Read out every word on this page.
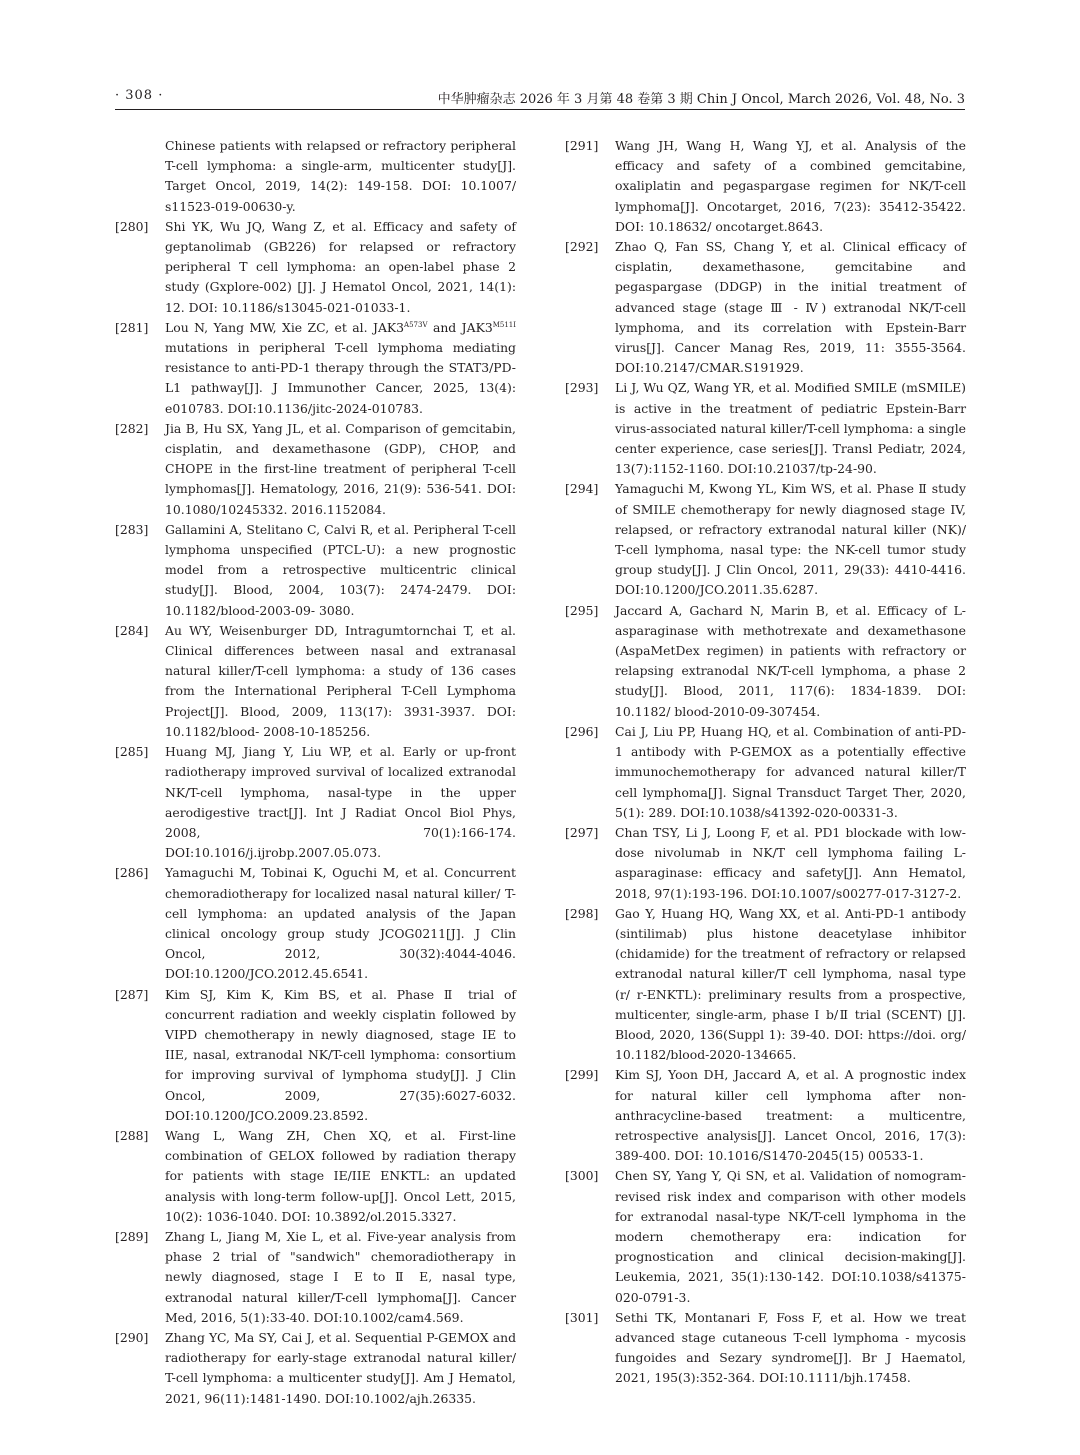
· 308 ·	中华肿瘤杂志 2026 年 3 月第 48 卷第 3 期 Chin J Oncol, March 2026, Vol. 48, No. 3
Chinese patients with relapsed or refractory peripheral T-cell lymphoma: a single-arm, multicenter study[J]. Target Oncol, 2019, 14(2): 149-158. DOI: 10.1007/ s11523-019-00630-y.
[280]	Shi YK, Wu JQ, Wang Z, et al. Efficacy and safety of geptanolimab (GB226) for relapsed or refractory peripheral T cell lymphoma: an open-label phase 2 study (Gxplore-002) [J]. J Hematol Oncol, 2021, 14(1): 12. DOI: 10.1186/s13045-021-01033-1.
[281]	Lou N, Yang MW, Xie ZC, et al. $JAK3^{A573V}$ and $JAK3^{M511I}$ mutations in peripheral T-cell lymphoma mediating resistance to anti-PD-1 therapy through the STAT3/PD-L1 pathway[J]. J Immunother Cancer, 2025, 13(4): e010783. DOI:10.1136/jitc-2024-010783.
[282]	Jia B, Hu SX, Yang JL, et al. Comparison of gemcitabin, cisplatin, and dexamethasone (GDP), CHOP, and CHOPE in the first-line treatment of peripheral T-cell lymphomas[J]. Hematology, 2016, 21(9): 536-541. DOI: 10.1080/10245332. 2016.1152084.
[283]	Gallamini A, Stelitano C, Calvi R, et al. Peripheral T-cell lymphoma unspecified (PTCL-U): a new prognostic model from a retrospective multicentric clinical study[J]. Blood, 2004, 103(7): 2474-2479. DOI: 10.1182/blood-2003-09- 3080.
[284]	Au WY, Weisenburger DD, Intragumtornchai T, et al. Clinical differences between nasal and extranasal natural killer/T-cell lymphoma: a study of 136 cases from the International Peripheral T-Cell Lymphoma Project[J]. Blood, 2009, 113(17): 3931-3937. DOI: 10.1182/blood- 2008-10-185256.
[285]	Huang MJ, Jiang Y, Liu WP, et al. Early or up-front radiotherapy improved survival of localized extranodal NK/T-cell lymphoma, nasal-type in the upper aerodigestive tract[J]. Int J Radiat Oncol Biol Phys, 2008, 70(1):166-174. DOI:10.1016/j.ijrobp.2007.05.073.
[286]	Yamaguchi M, Tobinai K, Oguchi M, et al. Concurrent chemoradiotherapy for localized nasal natural killer/ T-cell lymphoma: an updated analysis of the Japan clinical oncology group study JCOG0211[J]. J Clin Oncol, 2012, 30(32):4044-4046. DOI:10.1200/JCO.2012.45.6541.
[287]	Kim SJ, Kim K, Kim BS, et al. Phase Ⅱ trial of concurrent radiation and weekly cisplatin followed by VIPD chemotherapy in newly diagnosed, stage IE to IIE, nasal, extranodal NK/T-cell lymphoma: consortium for improving survival of lymphoma study[J]. J Clin Oncol, 2009, 27(35):6027-6032. DOI:10.1200/JCO.2009.23.8592.
[288]	Wang L, Wang ZH, Chen XQ, et al. First-line combination of GELOX followed by radiation therapy for patients with stage IE/IIE ENKTL: an updated analysis with long-term follow-up[J]. Oncol Lett, 2015, 10(2): 1036-1040. DOI: 10.3892/ol.2015.3327.
[289]	Zhang L, Jiang M, Xie L, et al. Five-year analysis from phase 2 trial of "sandwich" chemoradiotherapy in newly diagnosed, stage Ⅰ E to Ⅱ E, nasal type, extranodal natural killer/T-cell lymphoma[J]. Cancer Med, 2016, 5(1):33-40. DOI:10.1002/cam4.569.
[290]	Zhang YC, Ma SY, Cai J, et al. Sequential P-GEMOX and radiotherapy for early-stage extranodal natural killer/ T-cell lymphoma: a multicenter study[J]. Am J Hematol, 2021, 96(11):1481-1490. DOI:10.1002/ajh.26335.
[291]	Wang JH, Wang H, Wang YJ, et al. Analysis of the efficacy and safety of a combined gemcitabine, oxaliplatin and pegaspargase regimen for NK/T-cell lymphoma[J]. Oncotarget, 2016, 7(23): 35412-35422. DOI: 10.18632/ oncotarget.8643.
[292]	Zhao Q, Fan SS, Chang Y, et al. Clinical efficacy of cisplatin, dexamethasone, gemcitabine and pegaspargase (DDGP) in the initial treatment of advanced stage (stage Ⅲ - Ⅳ) extranodal NK/T-cell lymphoma, and its correlation with Epstein-Barr virus[J]. Cancer Manag Res, 2019, 11: 3555-3564. DOI:10.2147/CMAR.S191929.
[293]	Li J, Wu QZ, Wang YR, et al. Modified SMILE (mSMILE) is active in the treatment of pediatric Epstein-Barr virus-associated natural killer/T-cell lymphoma: a single center experience, case series[J]. Transl Pediatr, 2024, 13(7):1152-1160. DOI:10.21037/tp-24-90.
[294]	Yamaguchi M, Kwong YL, Kim WS, et al. Phase Ⅱ study of SMILE chemotherapy for newly diagnosed stage IV, relapsed, or refractory extranodal natural killer (NK)/ T-cell lymphoma, nasal type: the NK-cell tumor study group study[J]. J Clin Oncol, 2011, 29(33): 4410-4416. DOI:10.1200/JCO.2011.35.6287.
[295]	Jaccard A, Gachard N, Marin B, et al. Efficacy of L-asparaginase with methotrexate and dexamethasone (AspaMetDex regimen) in patients with refractory or relapsing extranodal NK/T-cell lymphoma, a phase 2 study[J]. Blood, 2011, 117(6): 1834-1839. DOI: 10.1182/ blood-2010-09-307454.
[296]	Cai J, Liu PP, Huang HQ, et al. Combination of anti-PD-1 antibody with P-GEMOX as a potentially effective immunochemotherapy for advanced natural killer/T cell lymphoma[J]. Signal Transduct Target Ther, 2020, 5(1): 289. DOI:10.1038/s41392-020-00331-3.
[297]	Chan TSY, Li J, Loong F, et al. PD1 blockade with low-dose nivolumab in NK/T cell lymphoma failing L-asparaginase: efficacy and safety[J]. Ann Hematol, 2018, 97(1):193-196. DOI:10.1007/s00277-017-3127-2.
[298]	Gao Y, Huang HQ, Wang XX, et al. Anti-PD-1 antibody (sintilimab) plus histone deacetylase inhibitor (chidamide) for the treatment of refractory or relapsed extranodal natural killer/T cell lymphoma, nasal type (r/ r-ENKTL): preliminary results from a prospective, multicenter, single-arm, phase Ⅰ b/Ⅱ trial (SCENT) [J]. Blood, 2020, 136(Suppl 1): 39-40. DOI: https://doi. org/ 10.1182/blood-2020-134665.
[299]	Kim SJ, Yoon DH, Jaccard A, et al. A prognostic index for natural killer cell lymphoma after non-anthracycline-based treatment: a multicentre, retrospective analysis[J]. Lancet Oncol, 2016, 17(3): 389-400. DOI: 10.1016/S1470-2045(15) 00533-1.
[300]	Chen SY, Yang Y, Qi SN, et al. Validation of nomogram-revised risk index and comparison with other models for extranodal nasal-type NK/T-cell lymphoma in the modern chemotherapy era: indication for prognostication and clinical decision-making[J]. Leukemia, 2021, 35(1):130-142. DOI:10.1038/s41375-020-0791-3.
[301]	Sethi TK, Montanari F, Foss F, et al. How we treat advanced stage cutaneous T-cell lymphoma - mycosis fungoides and Sezary syndrome[J]. Br J Haematol, 2021, 195(3):352-364. DOI:10.1111/bjh.17458.
